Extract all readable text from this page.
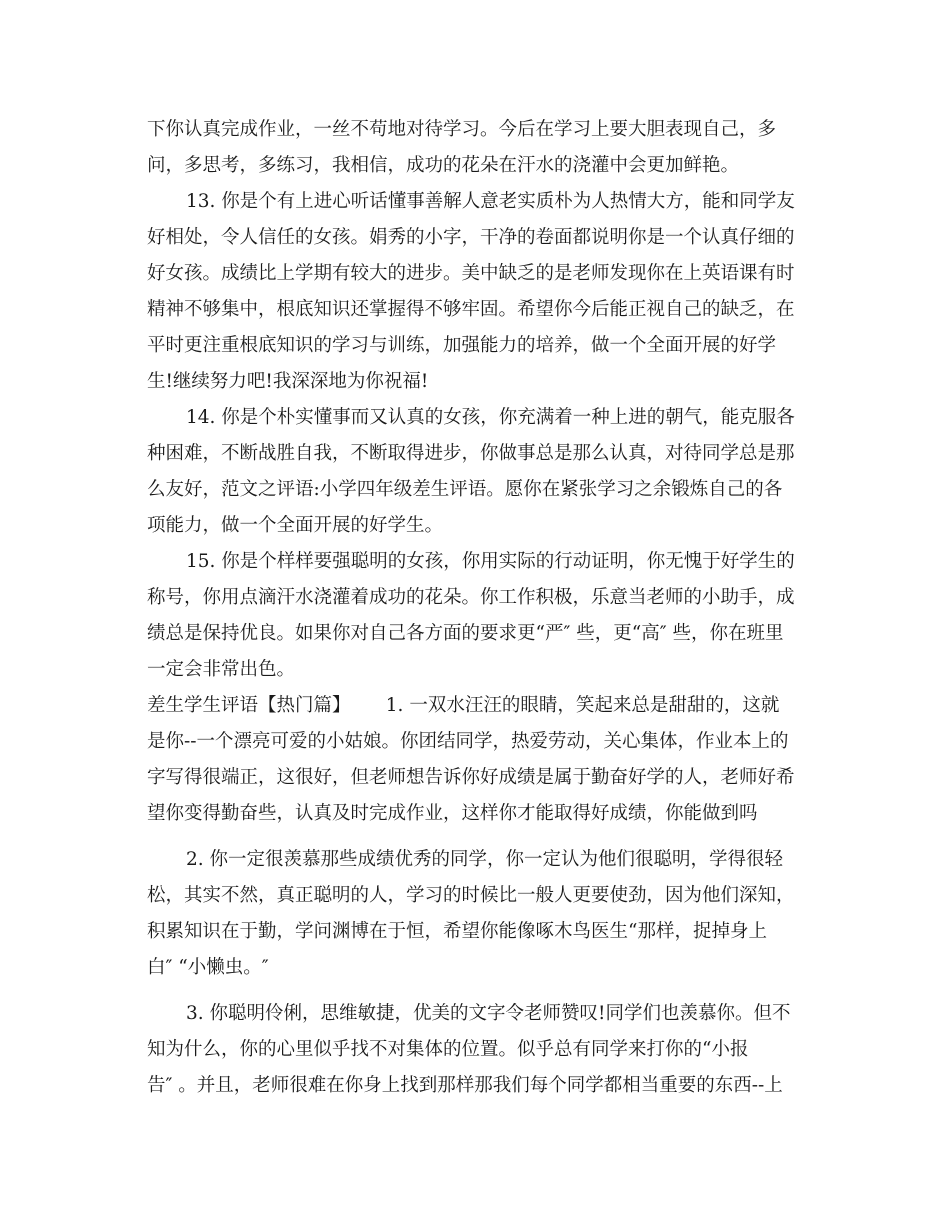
下你认真完成作业，一丝不苟地对待学习。今后在学习上要大胆表现自己，多
问，多思考，多练习，我相信，成功的花朵在汗水的浇灌中会更加鲜艳。
13. 你是个有上进心听话懂事善解人意老实质朴为人热情大方，能和同学友
好相处，令人信任的女孩。娟秀的小字，干净的卷面都说明你是一个认真仔细的
好女孩。成绩比上学期有较大的进步。美中缺乏的是老师发现你在上英语课有时
精神不够集中，根底知识还掌握得不够牢固。希望你今后能正视自己的缺乏，在
平时更注重根底知识的学习与训练，加强能力的培养，做一个全面开展的好学
生!继续努力吧!我深深地为你祝福!
14. 你是个朴实懂事而又认真的女孩，你充满着一种上进的朝气，能克服各
种困难，不断战胜自我，不断取得进步，你做事总是那么认真，对待同学总是那
么友好，范文之评语:小学四年级差生评语。愿你在紧张学习之余锻炼自己的各
项能力，做一个全面开展的好学生。
15. 你是个样样要强聪明的女孩，你用实际的行动证明，你无愧于好学生的
称号，你用点滴汗水浇灌着成功的花朵。你工作积极，乐意当老师的小助手，成
绩总是保持优良。如果你对自己各方面的要求更“严″ 些，更“高″ 些，你在班里
一定会非常出色。
差生学生评语【热门篇】      1. 一双水汪汪的眼睛，笑起来总是甜甜的，这就
是你--一个漂亮可爱的小姑娘。你团结同学，热爱劳动，关心集体，作业本上的
字写得很端正，这很好，但老师想告诉你好成绩是属于勤奋好学的人，老师好希
望你变得勤奋些，认真及时完成作业，这样你才能取得好成绩，你能做到吗
2. 你一定很羡慕那些成绩优秀的同学，你一定认为他们很聪明，学得很轻
松，其实不然，真正聪明的人，学习的时候比一般人更要使劲，因为他们深知，
积累知识在于勤，学问渊博在于恒，希望你能像啄木鸟医生“那样，捉掉身上
白″ “小懒虫。″
3. 你聪明伶俐，思维敏捷，优美的文字令老师赞叹!同学们也羡慕你。但不
知为什么，你的心里似乎找不对集体的位置。似乎总有同学来打你的“小报
告″ 。并且，老师很难在你身上找到那样那我们每个同学都相当重要的东西--上
